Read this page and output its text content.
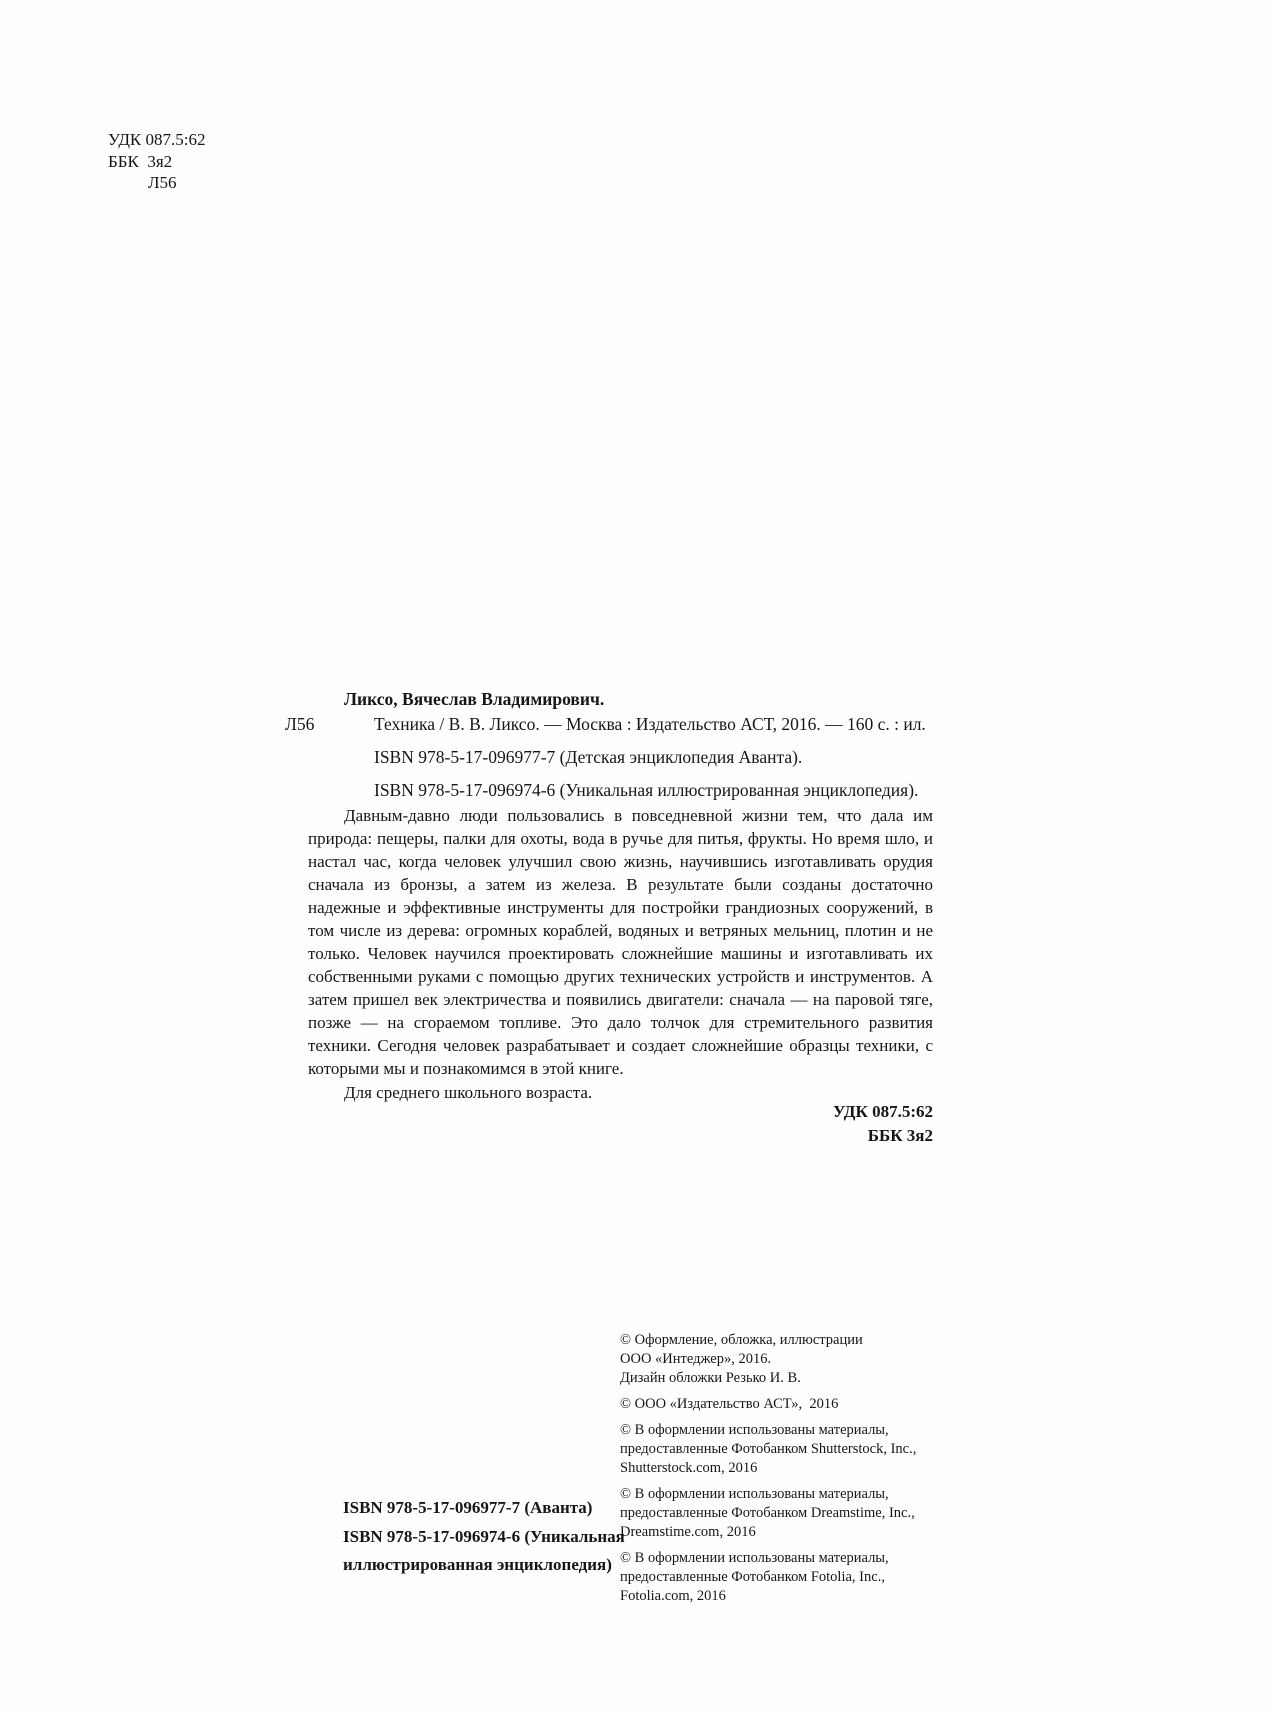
УДК 087.5:62
ББК  3я2
Л56
Ликсо, Вячеслав Владимирович.
Л56	Техника / В. В. Ликсо. — Москва : Издательство АСТ, 2016. — 160 с. : ил.
ISBN 978-5-17-096977-7 (Детская энциклопедия Аванта).
ISBN 978-5-17-096974-6 (Уникальная иллюстрированная энциклопедия).
Давным-давно люди пользовались в повседневной жизни тем, что дала им природа: пещеры, палки для охоты, вода в ручье для питья, фрукты. Но время шло, и настал час, когда человек улучшил свою жизнь, научившись изготавливать орудия сначала из бронзы, а затем из железа. В результате были созданы достаточно надежные и эффективные инструменты для постройки грандиозных сооружений, в том числе из дерева: огромных кораблей, водяных и ветряных мельниц, плотин и не только. Человек научился проектировать сложнейшие машины и изготавливать их собственными руками с помощью других технических устройств и инструментов. А затем пришел век электричества и появились двигатели: сначала — на паровой тяге, позже — на сгораемом топливе. Это дало толчок для стремительного развития техники. Сегодня человек разрабатывает и создает сложнейшие образцы техники, с которыми мы и познакомимся в этой книге.
Для среднего школьного возраста.
УДК 087.5:62
ББК 3я2
© Оформление, обложка, иллюстрации
ООО «Интеджер», 2016.
Дизайн обложки Резько И. В.
© ООО «Издательство АСТ»,  2016
© В оформлении использованы материалы,
предоставленные Фотобанком Shutterstock, Inc.,
Shutterstock.com, 2016
© В оформлении использованы материалы,
предоставленные Фотобанком Dreamstime, Inc.,
Dreamstime.com, 2016
© В оформлении использованы материалы,
предоставленные Фотобанком Fotolia, Inc.,
Fotolia.com, 2016
ISBN 978-5-17-096977-7 (Аванта)
ISBN 978-5-17-096974-6 (Уникальная
иллюстрированная энциклопедия)
